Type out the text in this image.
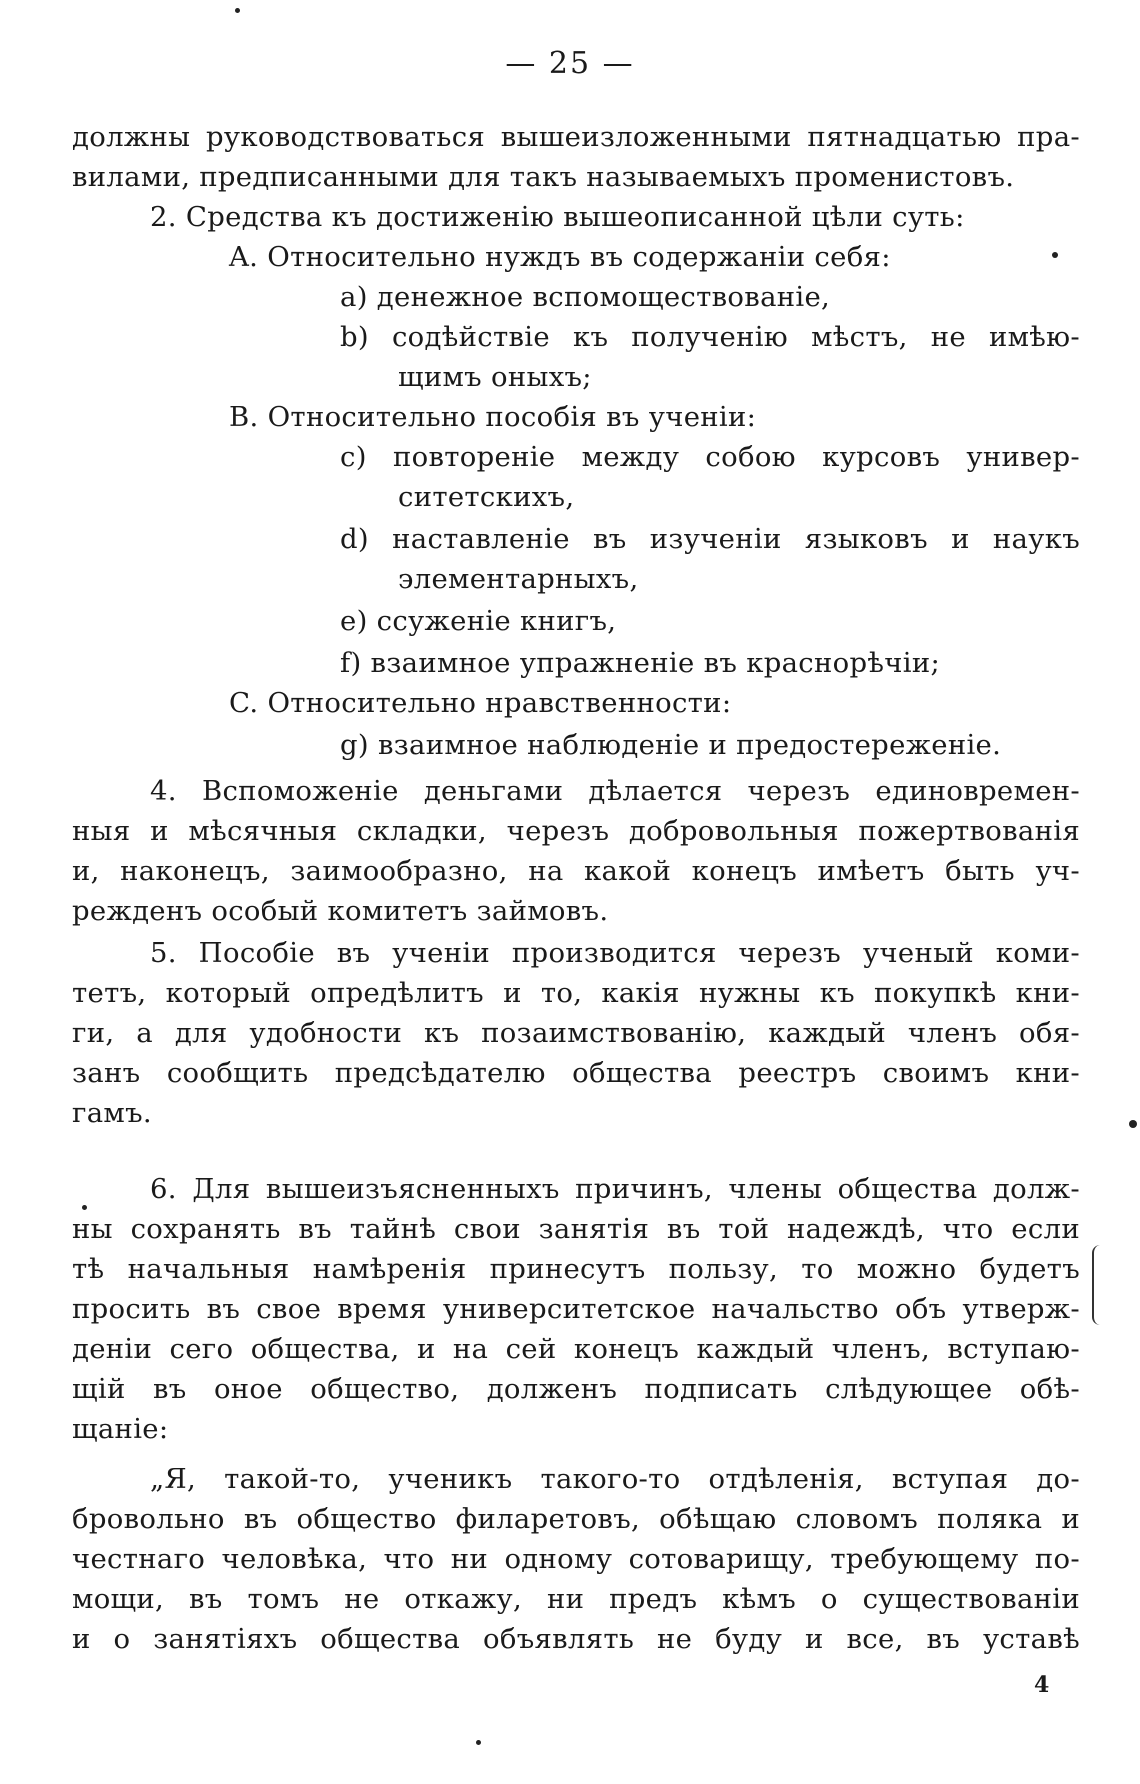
— 25 —
должны руководствоваться вышеизложенными пятнадцатью пра-
вилами, предписанными для такъ называемыхъ променистовъ.
2. Средства къ достиженію вышеописанной цѣли суть:
A. Относительно нуждъ въ содержаніи себя:
a) денежное вспомоществованіе,
b) содѣйствіе къ полученію мѣстъ, не имѣю-
щимъ оныхъ;
B. Относительно пособія въ ученіи:
c) повтореніе между собою курсовъ универ-
ситетскихъ,
d) наставленіе въ изученіи языковъ и наукъ
элементарныхъ,
e) ссуженіе книгъ,
f) взаимное упражненіе въ краснорѣчіи;
C. Относительно нравственности:
g) взаимное наблюденіе и предостереженіе.
4. Вспоможеніе деньгами дѣлается черезъ единовремен-
ныя и мѣсячныя складки, черезъ добровольныя пожертвованія
и, наконецъ, заимообразно, на какой конецъ имѣетъ быть уч-
режденъ особый комитетъ займовъ.
5. Пособіе въ ученіи производится черезъ ученый коми-
тетъ, который опредѣлитъ и то, какія нужны къ покупкѣ кни-
ги, а для удобности къ позаимствованію, каждый членъ обя-
занъ сообщить предсѣдателю общества реестръ своимъ кни-
гамъ.
6. Для вышеизъясненныхъ причинъ, члены общества долж-
ны сохранять въ тайнѣ свои занятія въ той надеждѣ, что если
тѣ начальныя намѣренія принесутъ пользу, то можно будетъ
просить въ свое время университетское начальство объ утверж-
деніи сего общества, и на сей конецъ каждый членъ, вступаю-
щій въ оное общество, долженъ подписать слѣдующее обѣ-
щаніе:
„Я, такой-то, ученикъ такого-то отдѣленія, вступая до-
бровольно въ общество филаретовъ, обѣщаю словомъ поляка и
честнаго человѣка, что ни одному сотоварищу, требующему по-
мощи, въ томъ не откажу, ни предъ кѣмъ о существованіи
и о занятіяхъ общества объявлять не буду и все, въ уставѣ
4
